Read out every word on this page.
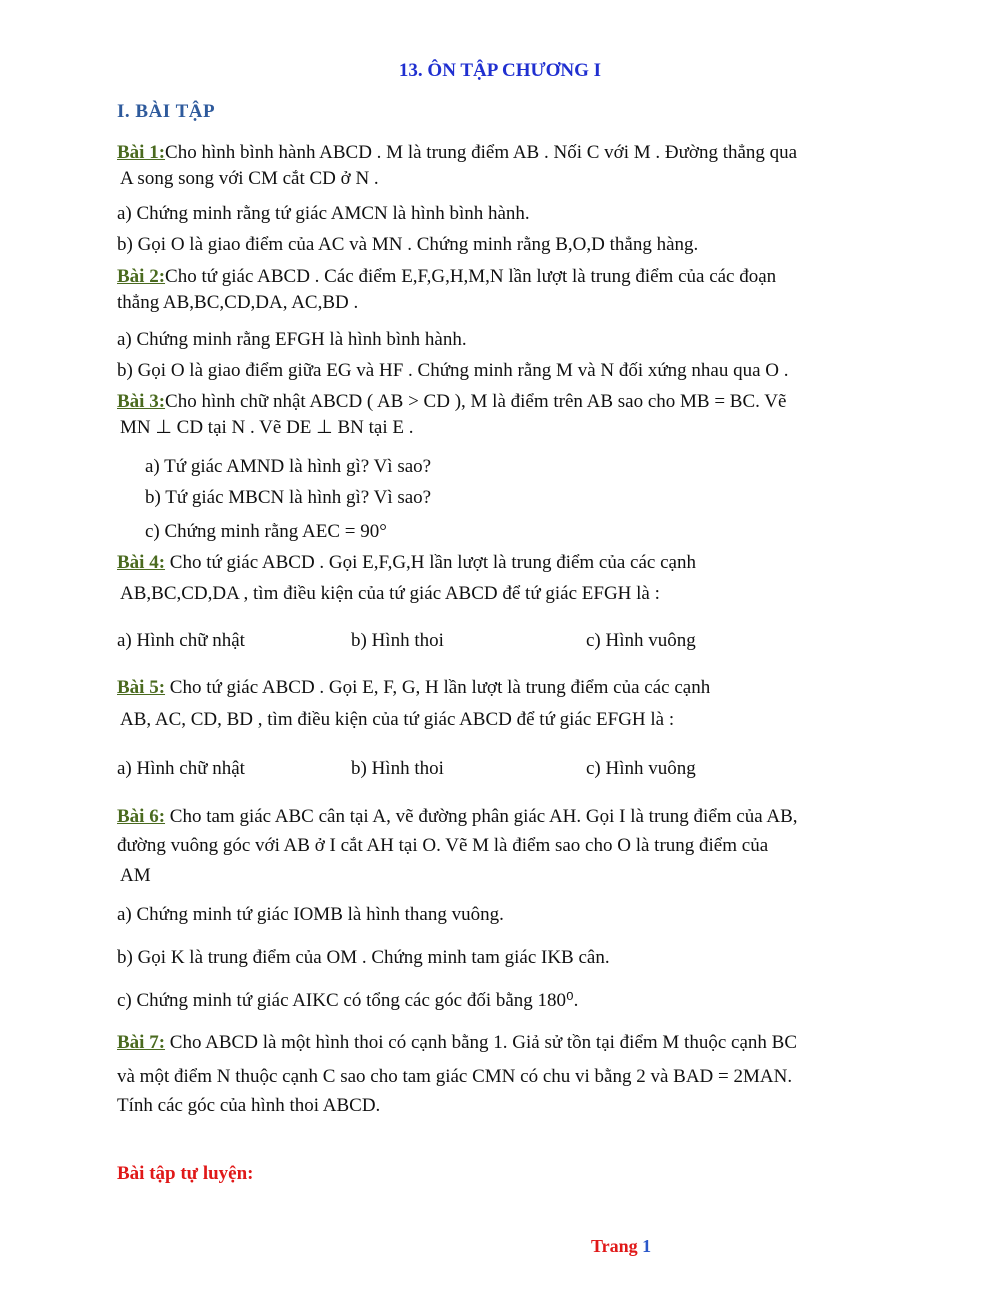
13. ÔN TẬP CHƯƠNG I
I. BÀI TẬP
Bài 1:Cho hình bình hành ABCD . M là trung điểm AB . Nối C với M . Đường thẳng qua
A song song với CM cắt CD ở N .
a) Chứng minh rằng tứ giác AMCN là hình bình hành.
b) Gọi O là giao điểm của AC và MN . Chứng minh rằng B,O,D thẳng hàng.
Bài 2:Cho tứ giác ABCD . Các điểm E,F,G,H,M,N lần lượt là trung điểm của các đoạn
thẳng AB,BC,CD,DA, AC,BD .
a) Chứng minh rằng EFGH là hình bình hành.
b) Gọi O là giao điểm giữa EG và HF . Chứng minh rằng M và N đối xứng nhau qua O .
Bài 3:Cho hình chữ nhật ABCD ( AB > CD ), M là điểm trên AB sao cho MB = BC. Vẽ
MN ⊥ CD tại N . Vẽ DE ⊥ BN tại E .
a) Tứ giác AMND là hình gì? Vì sao?
b) Tứ giác MBCN là hình gì? Vì sao?
c) Chứng minh rằng AEC = 90°
Bài 4: Cho tứ giác ABCD . Gọi E,F,G,H lần lượt là trung điểm của các cạnh
AB,BC,CD,DA , tìm điều kiện của tứ giác ABCD để tứ giác EFGH là :
a) Hình chữ nhật	b) Hình thoi	c) Hình vuông
Bài 5: Cho tứ giác ABCD . Gọi E, F, G, H lần lượt là trung điểm của các cạnh
AB, AC, CD, BD , tìm điều kiện của tứ giác ABCD để tứ giác EFGH là :
a) Hình chữ nhật	b) Hình thoi	c) Hình vuông
Bài 6: Cho tam giác ABC cân tại A, vẽ đường phân giác AH. Gọi I là trung điểm của AB,
đường vuông góc với AB ở I cắt AH tại O. Vẽ M là điểm sao cho O là trung điểm của
AM
a) Chứng minh tứ giác IOMB là hình thang vuông.
b) Gọi K là trung điểm của OM . Chứng minh tam giác IKB cân.
c) Chứng minh tứ giác AIKC có tổng các góc đối bằng 180⁰.
Bài 7: Cho ABCD là một hình thoi có cạnh bằng 1. Giả sử tồn tại điểm M thuộc cạnh BC
và một điểm N thuộc cạnh C sao cho tam giác CMN có chu vi bằng 2 và BAD = 2MAN.
Tính các góc của hình thoi ABCD.
Bài tập tự luyện:
Trang 1
